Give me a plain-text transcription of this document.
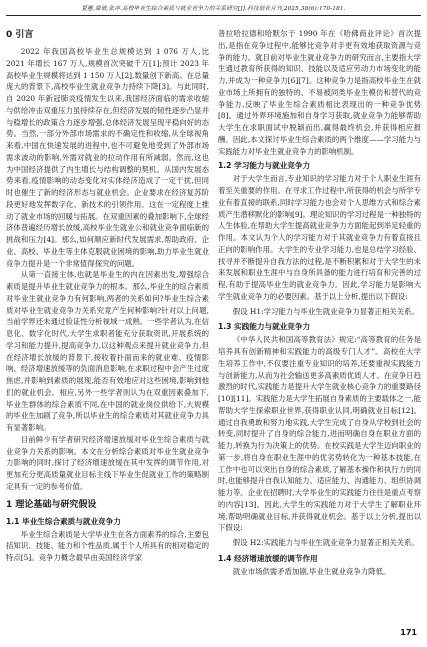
夏蕙,谭倩,张冲.高校毕业生综合素质与就业竞争力的关系研究[J].科技创业月刊,2025,38(6):170-181.
0 引言

2022 年我国高校毕业生总规模达到 1 076 万人,比 2021 年增长 167 万人,规模首次突破千万[1];预计 2023 年高校毕业生规模将达到 1 150 万人[2],数量创下新高。在总量庞大的背景下,高校毕业生就业竞争力持续下降[3]。与此同时,自 2020 年新冠肺炎疫情发生以来,我国经济面临的需求收缩与供给冲击双重压力虽持续存在,但经济发展的韧性逐步凸显并与稳增长的政策合力逐步增强,总体经济发展呈现平稳向好的态势。当然,一部分外部市场需求的不确定性和收缩,从全球视角来看,中国在快速发展的进程中,也不可避免地受到了外部市场需求波动的影响,外需对就业的拉动作用有所减弱。然而,这也为中国经济提供了内生增长与结构调整的契机。从国内发展态势来看,疫情影响的动态变化对实体经济造成了一定干扰,但同时也催生了新的经济形态与就业机会。企业要求在经济复苏阶段更好地发挥数字化、新技术的引领作用。这在一定程度上推动了就业市场的回暖与拓展。在双重因素的叠加影响下,全球经济体普遍经历增长放缓,高校毕业生就业公和就业竞争面临新的挑战和压力[4]。那么,如何顺应新时代发展需求,帮助政府、企业、高校、毕业生等主体克服就业困境的影响,助力毕业生就业竞争力提升是一个非常值得探究的问题。

从第一直接主体,也就是毕业生的内在因素出发,增强综合素质是提升毕业生就业竞争力的根本。那么,毕业生的综合素质对毕业生就业竞争力有何影响,两者的关系如何?毕业生综合素质对毕业生就业竞争力关系究竟产生何种影响?针对以上问题,当前学界还未通过验证性分析视域一成熟。一些学者认为,在信息化、数字化时代,大学生求职者能充分获取资讯,开展系统的学习和能力提升,提高竞争力,以这种观点来提升就业竞争力,但在经济增长放缓的背景下,接收着扑面而来的就业难、疫情影响、经济增速放缓等的负面消息影响,在求职过程中会产生过度焦虑,并影响到素质的展现,能否有效地应对这些困境,影响到他们的就业机会。相应,另外一些学者则认为在双重因素叠加下,毕业生群体的综合素质不同,在中国的就业岗位供给下,大规模的毕业生加剧了竞争,所以毕业生的综合素质对其就业竞争力具有显著影响。

目前鲜少有学者研究经济增速放缓对毕业生综合素质与就业竞争力关系的影响。本文在分析综合素质对毕业生就业竞争力影响的同时,探讨了经济增速放缓在其中发挥的调节作用,对更加充分更高质量就业目标主线下毕业生促就业工作的策略制定具有一定的参考价值。

1 理论基础与研究假设
1.1 毕业生综合素质与就业竞争力

毕业生综合素质是大学毕业生在各方面素养的综合,主要包括知识、技能、能力和个性品质,属于个人所具有的相对稳定的特点[5]。竞争力概念最早由美国经济学家

普拉哈拉德和哈默尔于 1990 年在《哈佛商业评论》首次提出,是指在竞争过程中,能够比竞争对手更有效地获取资源与竞争的能力。就目前对毕业生就业竞争力的研究而言,主要指大学生通过教育所获得的知识、技能以及适应劳动力市场变化的能力,并成为一种竞争力[6][7]。这种竞争力是指高校毕业生在就业市场上所拥有的独特的、不易被同类毕业生模仿和替代的竞争能力,反映了毕业生综合素质相比表现出的一种竞争优势[8]。通过外界环境施加和自身学习获取,就业竞争力能够帮助大学生在求职面试中脱颖而出,赢得最终机会,并获得相应报酬。因此,本文探讨毕业生综合素质的两个维度——学习能力与实践能力对毕业生就业竞争力的影响机制。

1.2 学习能力与就业竞争力

对于大学生而言,专业知识的学习能力对于个人职业生涯有着至关重要的作用。在寻求工作过程中,所获得的机会与所学专业有着直接的联系,同时学习能力也会对个人思维方式和综合素质产生潜移默化的影响[9]。理论知识的学习过程是一种独特的人生体验,在帮助大学生提高就业竞争力方面能起到举足轻重的作用。本文认为个人的学习能力对于其就业竞争力有着直接且正向的影响作用。大学生的专业学习能力,也是总结学习经验、找寻并不断提升自我方法的过程,是不断积累和对于大学生的未来发展和职业生涯中与自身所具备的能力进行培育和完善的过程,有助于提高毕业生的就业竞争力。因此,学习能力是影响大学生就业竞争力的必要因素。基于以上分析,提出以下假设:

假设 H1:学习能力与毕业生就业竞争力显著正相关关系。

1.3 实践能力与就业竞争力

《中华人民共和国高等教育法》规定:“高等教育的任务是培养具有创新精神和实践能力的高级专门人才”。高校在大学生培养工作中,不仅要注重专业知识的培养,还要重视实践能力与创新能力,从而为社会输送更多高素质优质人才。在竞争日趋激烈的时代,实践能力是提升大学生就业核心竞争力的重要路径[10][11]。实践能力是大学生拓展自身素质的主要载体之一,能帮助大学生探索职业世界,获得职业认同,明确就业目标[12]。通过自我勇敢和努力地实践,大学生完成了自身从学校到社会的转变,同时提升了自身的综合能力,进而明确自身在职业方面的能力,转换为行为决策上的优势。在校实践是大学生迈向职业的第一步,将自身在职业生涯中的优劣势转化为一种基本技能,在工作中也可以突出自身的综合素质,了解基本操作和执行力的同时,也能够提升自我认知能力、适应能力、沟通能力、组织协调能力等。企业在招聘时,大学毕业生的实践能力往往是重点考察的内容[13]。因此,大学生的实践能力对于大学生了解职业环境,帮助明确就业目标,并获得就业机会。基于以上分析,提出以下假设:

假设 H2:实践能力与毕业生就业竞争力显著正相关关系。

1.4 经济增速放缓的调节作用

就业市场供需矛盾加剧,毕业生就业竞争力降低。

171
